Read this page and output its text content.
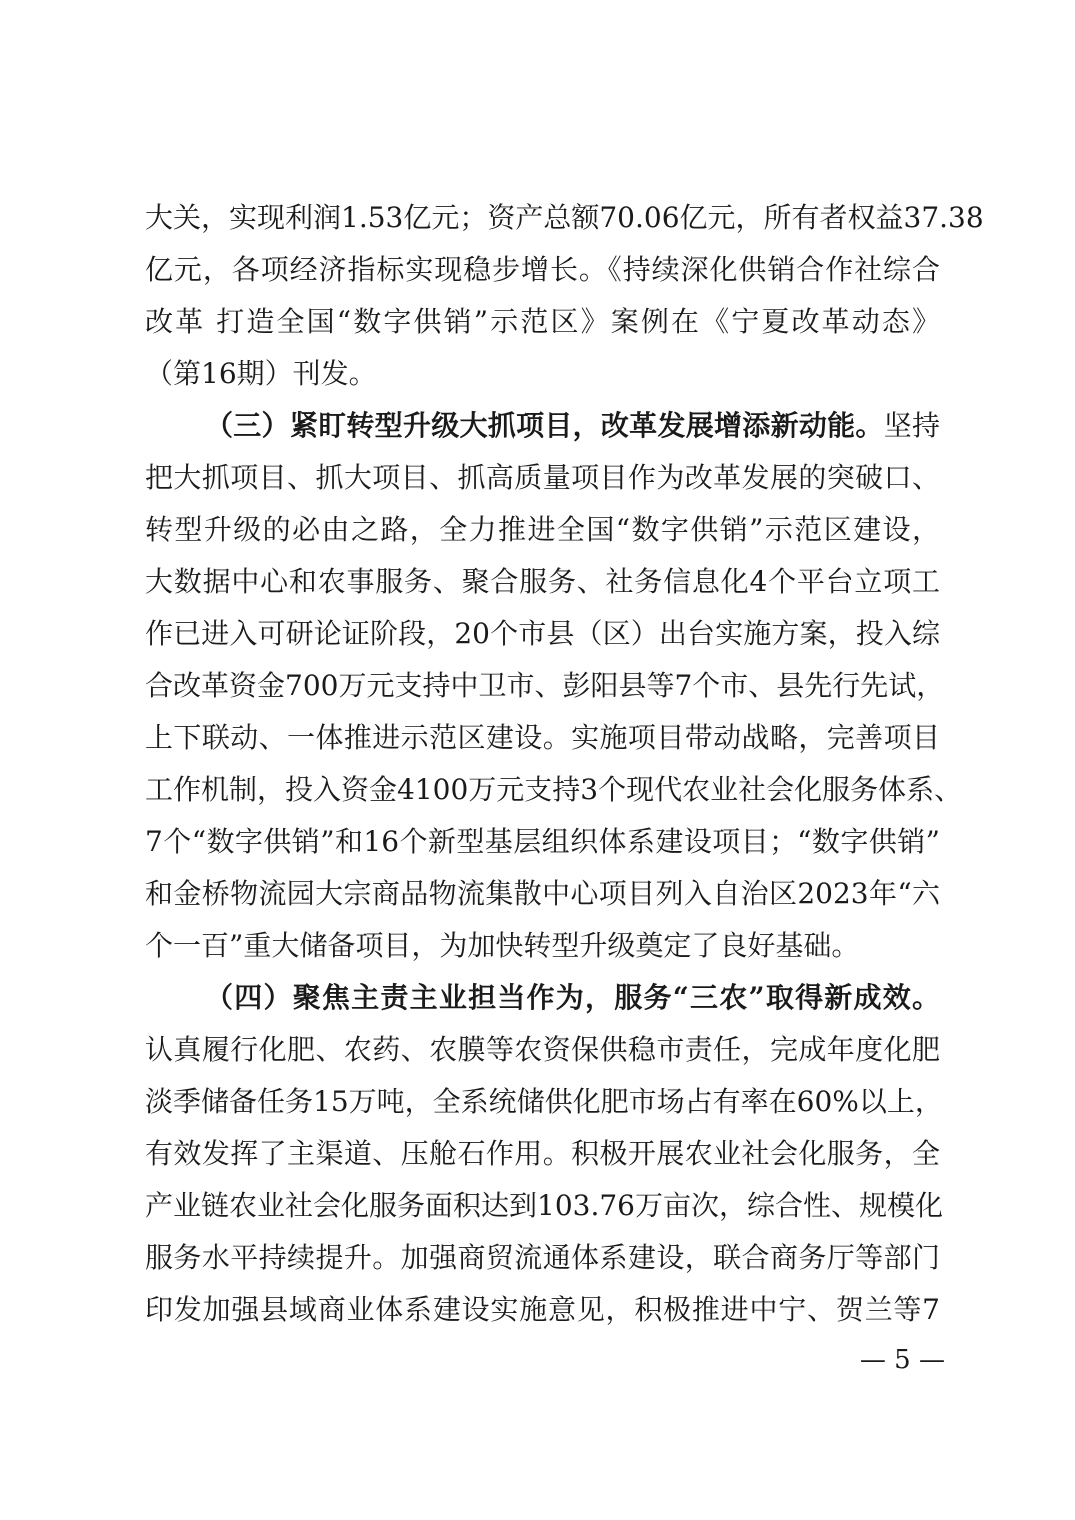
大关，实现利润1.53亿元；资产总额70.06亿元，所有者权益37.38
亿元，各项经济指标实现稳步增长。《持续深化供销合作社综合
改革 打造全国“数字供销”示范区》案例在《宁夏改革动态》
（第16期）刊发。
（三）紧盯转型升级大抓项目，改革发展增添新动能。坚持
把大抓项目、抓大项目、抓高质量项目作为改革发展的突破口、
转型升级的必由之路，全力推进全国“数字供销”示范区建设，
大数据中心和农事服务、聚合服务、社务信息化4个平台立项工
作已进入可研论证阶段，20个市县（区）出台实施方案，投入综
合改革资金700万元支持中卫市、彭阳县等7个市、县先行先试，
上下联动、一体推进示范区建设。实施项目带动战略，完善项目
工作机制，投入资金4100万元支持3个现代农业社会化服务体系、
7个“数字供销”和16个新型基层组织体系建设项目；“数字供销”
和金桥物流园大宗商品物流集散中心项目列入自治区2023年“六
个一百”重大储备项目，为加快转型升级奠定了良好基础。
（四）聚焦主责主业担当作为，服务“三农”取得新成效。
认真履行化肥、农药、农膜等农资保供稳市责任，完成年度化肥
淡季储备任务15万吨，全系统储供化肥市场占有率在60%以上，
有效发挥了主渠道、压舱石作用。积极开展农业社会化服务，全
产业链农业社会化服务面积达到103.76万亩次，综合性、规模化
服务水平持续提升。加强商贸流通体系建设，联合商务厅等部门
印发加强县域商业体系建设实施意见，积极推进中宁、贺兰等7
— 5 —
